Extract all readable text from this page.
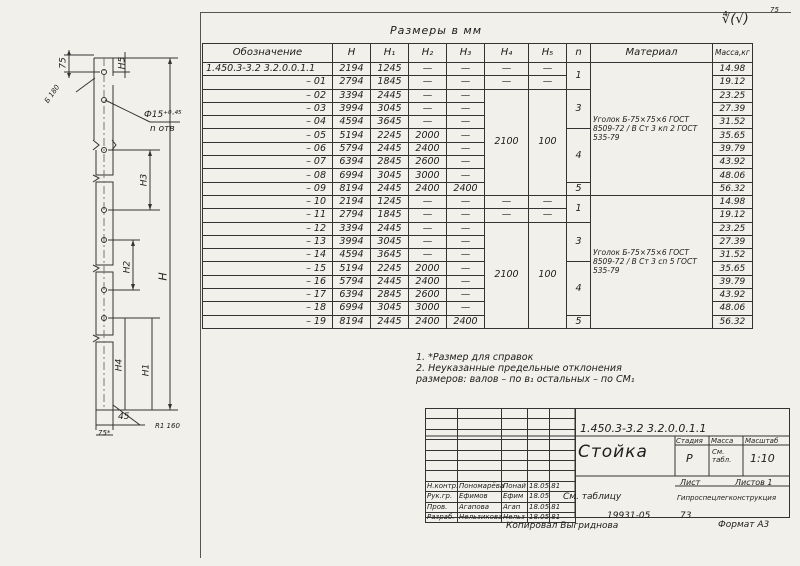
Размеры в мм
∜(√)
75
75	H5
Б 180
Ф15⁺⁰·⁴⁵
n отв
H3
H2
H
H4 H1
45
75*
R1 160
Обозначение	H	H₁	H₂	H₃	H₄	H₅	n	Материал	Масса,кг
1.450.3-3.2 3.2.0.0.1.1	2194	1245	—	—	—	—	1	Уголок Б-75×75×6 ГОСТ 8509-72 / В Ст 3 кп 2 ГОСТ 535-79	14.98
– 01	2794	1845	—	—	—	—			19.12
– 02	3394	2445	—	—	2100	100	3		23.25
– 03	3994	3045	—	—					27.39
– 04	4594	3645	—	—					31.52
– 05	5194	2245	2000	—			4		35.65
– 06	5794	2445	2400	—					39.79
– 07	6394	2845	2600	—					43.92
– 08	6994	3045	3000	—					48.06
– 09	8194	2445	2400	2400			5		56.32
– 10	2194	1245	—	—	—	—	1	Уголок Б-75×75×6 ГОСТ 8509-72 / В Ст 3 сп 5 ГОСТ 535-79	14.98
– 11	2794	1845	—	—	—	—			19.12
– 12	3394	2445	—	—	2100	100	3		23.25
– 13	3994	3045	—	—					27.39
– 14	4594	3645	—	—					31.52
– 15	5194	2245	2000	—			4		35.65
– 16	5794	2445	2400	—					39.79
– 17	6394	2845	2600	—					43.92
– 18	6994	3045	3000	—					48.06
– 19	8194	2445	2400	2400			5		56.32
1. *Размер для справок
2. Неуказанные предельные отклонения
размеров: валов – по в₁ остальных – по СМ₁

Н.контр.	Пономарёва	Понай	18.05.81	
Рук.гр.	Ефимов	Ефим	18.05	
Пров.	Агапова	Агап	18.05.81	
Разраб.	Нельзикова	Нельз	18.05.81	
1.450.3-3.2 3.2.0.0.1.1
Стойка
См. таблицу
Стадия Масса Масштаб
Р	См. табл.	1:10
Лист	Листов 1
Гипроспецлегконструкция
Копировал Выгриднова
19931-05	73
Формат А3
